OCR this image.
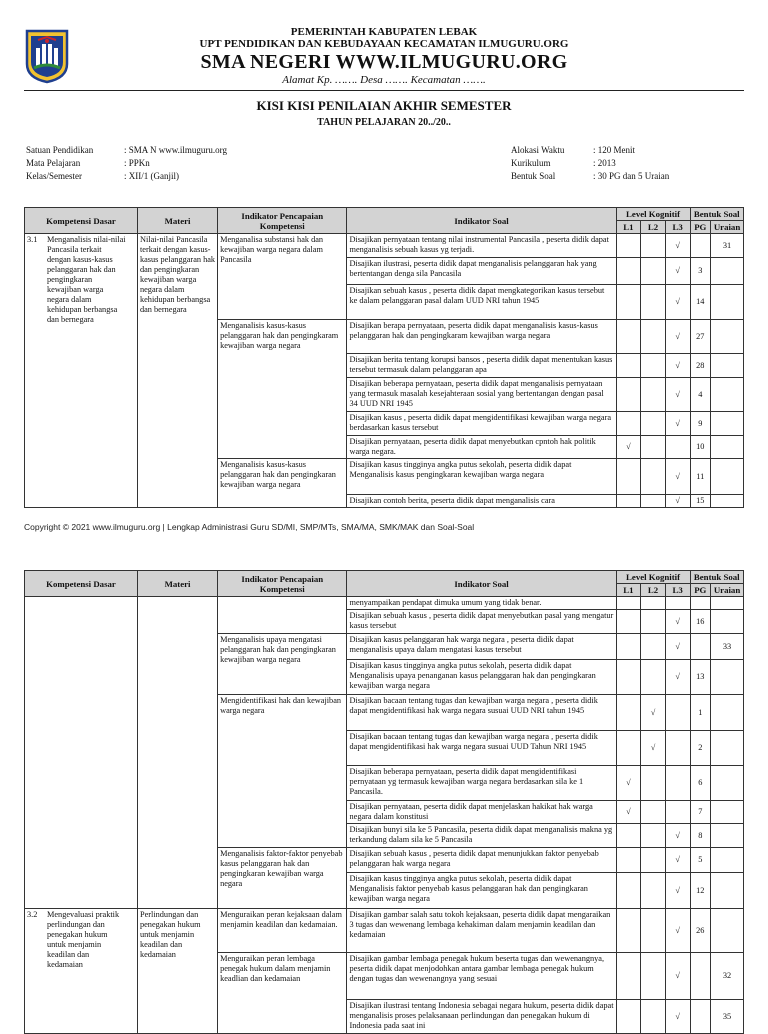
PEMERINTAH KABUPATEN LEBAK
UPT PENDIDIKAN DAN KEBUDAYAAN KECAMATAN ILMUGURU.ORG
SMA NEGERI WWW.ILMUGURU.ORG
Alamat Kp. ……. Desa ……. Kecamatan …….
KISI KISI PENILAIAN AKHIR SEMESTER
TAHUN PELAJARAN 20../20..
Satuan Pendidikan	: SMA N www.ilmuguru.org
Mata Pelajaran	: PPKn
Kelas/Semester	: XII/1 (Ganjil)
Alokasi Waktu	: 120 Menit
Kurikulum	: 2013
Bentuk Soal	: 30 PG dan 5 Uraian
Kompetensi Dasar	Materi	Indikator Pencapaian Kompetensi	Indikator Soal	Level Kognitif			Bentuk Soal	
				L1	L2	L3	PG	Uraian
3.1 Menganalisis nilai-nilai Pancasila terkait dengan kasus-kasus pelanggaran hak dan pengingkaran kewajiban warga negara dalam kehidupan berbangsa dan bernegara	Nilai-nilai Pancasila terkait dengan kasus-kasus pelanggaran hak dan pengingkaran kewajiban warga negara dalam kehidupan berbangsa dan bernegara	Menganalisa substansi hak dan kewajiban warga negara dalam Pancasila	Disajikan pernyataan tentang nilai instrumental Pancasila , peserta didik dapat menganalisis sebuah kasus yg terjadi.			√		31
			Disajikan ilustrasi, peserta didik dapat menganalisis pelanggaran hak yang bertentangan denga sila Pancasila			√	3	
			Disajikan sebuah kasus , peserta didik dapat mengkategorikan kasus tersebut ke dalam pelanggaran pasal dalam UUD NRI tahun 1945			√	14	
		Menganalisis kasus-kasus pelanggaran hak dan pengingkaram kewajiban warga negara	Disajikan berapa pernyataan, peserta didik dapat menganalisis kasus-kasus pelanggaran hak dan pengingkaram kewajiban warga negara			√	27	
			Disajikan berita tentang korupsi bansos , peserta didik dapat menentukan kasus tersebut termasuk dalam pelanggaran apa			√	28	
			Disajikan beberapa pernyataan, peserta didik dapat menganalisis pernyataan yang termasuk masalah kesejahteraan sosial yang bertentangan dengan pasal 34 UUD NRI 1945			√	4	
			Disajikan kasus , peserta didik dapat mengidentifikasi kewajiban warga negara berdasarkan kasus tersebut			√	9	
			Disajikan pernyataan, peserta didik dapat menyebutkan cpntoh hak politik warga negara.	√			10	
		Menganalisis kasus-kasus pelanggaran hak dan pengingkaran kewajiban warga negara	Disajikan kasus tingginya angka putus sekolah, peserta didik dapat Menganalisis kasus pengingkaran kewajiban warga negara			√	11	
			Disajikan contoh berita, peserta didik dapat menganalisis cara			√	15	
Copyright © 2021 www.ilmuguru.org | Lengkap Administrasi Guru SD/MI, SMP/MTs, SMA/MA, SMK/MAK dan Soal-Soal
Kompetensi Dasar	Materi	Indikator Pencapaian Kompetensi	Indikator Soal	Level Kognitif			Bentuk Soal	
				L1	L2	L3	PG	Uraian
			menyampaikan pendapat dimuka umum yang tidak benar.					
			Disajikan sebuah kasus , peserta didik dapat menyebutkan pasal yang mengatur kasus tersebut			√	16	
		Menganalisis upaya mengatasi pelanggaran hak dan pengingkaran kewajiban warga negara	Disajikan kasus pelanggaran hak warga negara , peserta didik dapat menganalisis upaya dalam mengatasi kasus tersebut			√		33
			Disajikan kasus tingginya angka putus sekolah, peserta didik dapat Menganalisis upaya penanganan kasus pelanggaran hak dan pengingkaran kewajiban warga negara			√	13	
		Mengidentifikasi hak dan kewajiban warga negara	Disajikan bacaan tentang tugas dan kewajiban warga negara , peserta didik dapat mengidentifikasi hak warga negara susuai UUD NRI tahun 1945		√		1	
			Disajikan bacaan tentang tugas dan kewajiban warga negara , peserta didik dapat mengidentifikasi hak warga negara susuai UUD Tahun NRI 1945		√		2	
			Disajikan beberapa pernyataan, peserta didik dapat mengidentifikasi pernyataan yg termasuk kewajiban warga negara berdasarkan sila ke 1 Pancasila.	√			6	
			Disajikan pernyataan, peserta didik dapat menjelaskan hakikat hak warga negara dalam konstitusi	√			7	
			Disajikan bunyi sila ke 5 Pancasila, peserta didik dapat menganalisis makna yg terkandung dalam sila ke 5 Pancasila			√	8	
		Menganalisis faktor-faktor penyebab kasus pelanggaran hak dan pengingkaran kewajiban warga negara	Disajikan sebuah kasus , peserta didik dapat menunjukkan faktor penyebab pelanggaran hak warga negara			√	5	
			Disajikan kasus tingginya angka putus sekolah, peserta didik dapat Menganalisis faktor penyebab kasus pelanggaran hak dan pengingkaran kewajiban warga negara			√	12	
3.2 Mengevaluasi praktik perlindungan dan penegakan hukum untuk menjamin keadilan dan kedamaian	Perlindungan dan penegakan hukum untuk menjamin keadilan dan kedamaian	Menguraikan peran kejaksaan dalam menjamin keadilan dan kedamaian.	Disajikan gambar salah satu tokoh kejaksaan, peserta didik dapat mengaraikan 3 tugas dan wewenang lembaga kehakiman dalam menjamin keadilan dan kedamaian			√	26	
		Menguraikan peran lembaga penegak hukum dalam menjamin keadlian dan kedamaian	Disajikan gambar lembaga penegak hukum beserta tugas dan wewenangnya, peserta didik dapat menjodohkan antara gambar lembaga penegak hukum dengan tugas dan wewenangnya yang sesuai			√		32
			Disajikan ilustrasi tentang Indonesia sebagai negara hukum, peserta didik dapat menganalisis proses pelaksanaan perlindungan dan penegakan hukum di Indonesia pada saat ini			√		35
